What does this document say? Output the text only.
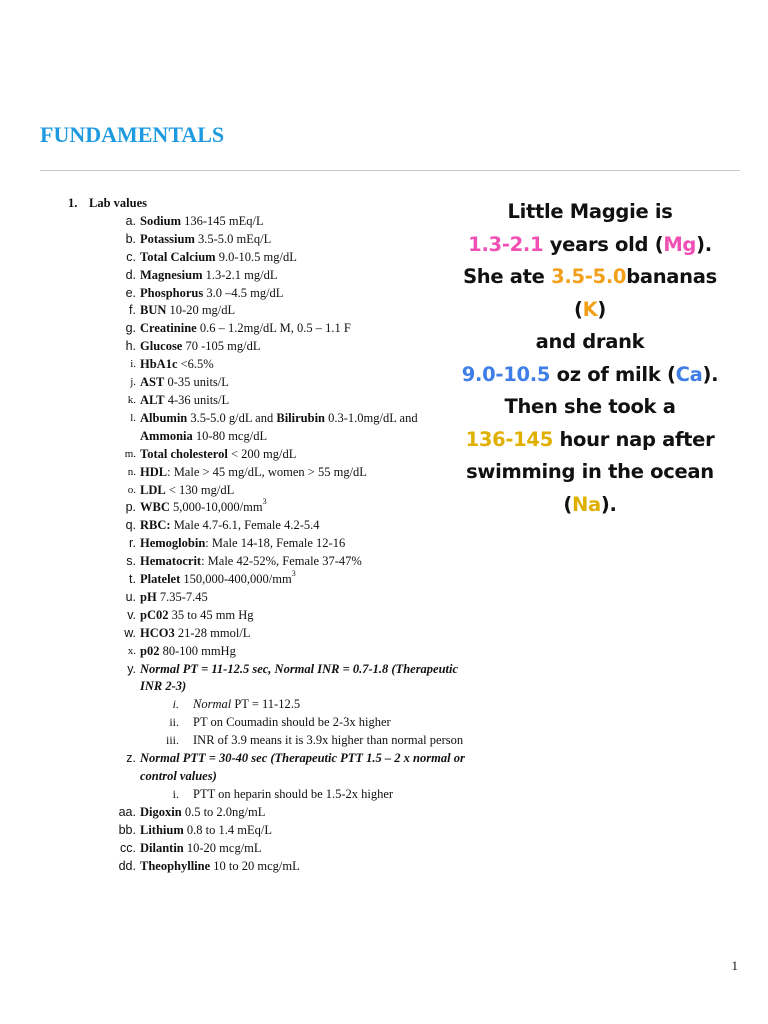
FUNDAMENTALS
1. Lab values
a. Sodium 136-145 mEq/L
b. Potassium 3.5-5.0 mEq/L
c. Total Calcium 9.0-10.5 mg/dL
d. Magnesium 1.3-2.1 mg/dL
e. Phosphorus 3.0 –4.5 mg/dL
f. BUN 10-20 mg/dL
g. Creatinine 0.6 – 1.2mg/dL M, 0.5 – 1.1 F
h. Glucose 70 -105 mg/dL
i. HbA1c <6.5%
j. AST 0-35 units/L
k. ALT 4-36 units/L
l. Albumin 3.5-5.0 g/dL and Bilirubin 0.3-1.0mg/dL and Ammonia 10-80 mcg/dL
m. Total cholesterol < 200 mg/dL
n. HDL: Male > 45 mg/dL, women > 55 mg/dL
o. LDL < 130 mg/dL
p. WBC $5,000-10,000/mm^3$
q. RBC: Male 4.7-6.1, Female 4.2-5.4
r. Hemoglobin: Male 14-18, Female 12-16
s. Hematocrit: Male 42-52%, Female 37-47%
t. Platelet $150,000-400,000/mm^3$
u. pH 7.35-7.45
v. pC02 35 to 45 mm Hg
w. HCO3 21-28 mmol/L
x. p02 80-100 mmHg
y. Normal PT = 11-12.5 sec, Normal INR = 0.7-1.8 (Therapeutic INR 2-3)
i.	Normal PT = 11-12.5
ii.	PT on Coumadin should be 2-3x higher
iii.	INR of 3.9 means it is 3.9x higher than normal person
z. Normal PTT = 30-40 sec (Therapeutic PTT 1.5 – 2 x normal or control values)
i.	PTT on heparin should be 1.5-2x higher
aa. Digoxin 0.5 to 2.0ng/mL
bb. Lithium 0.8 to 1.4 mEq/L
cc. Dilantin 10-20 mcg/mL
dd. Theophylline 10 to 20 mcg/mL
Little Maggie is
1.3-2.1 years old (Mg).
She ate 3.5-5.0bananas (K)
and drank
9.0-10.5 oz of milk (Ca).
Then she took a
136-145 hour nap after
swimming in the ocean (Na).
1
